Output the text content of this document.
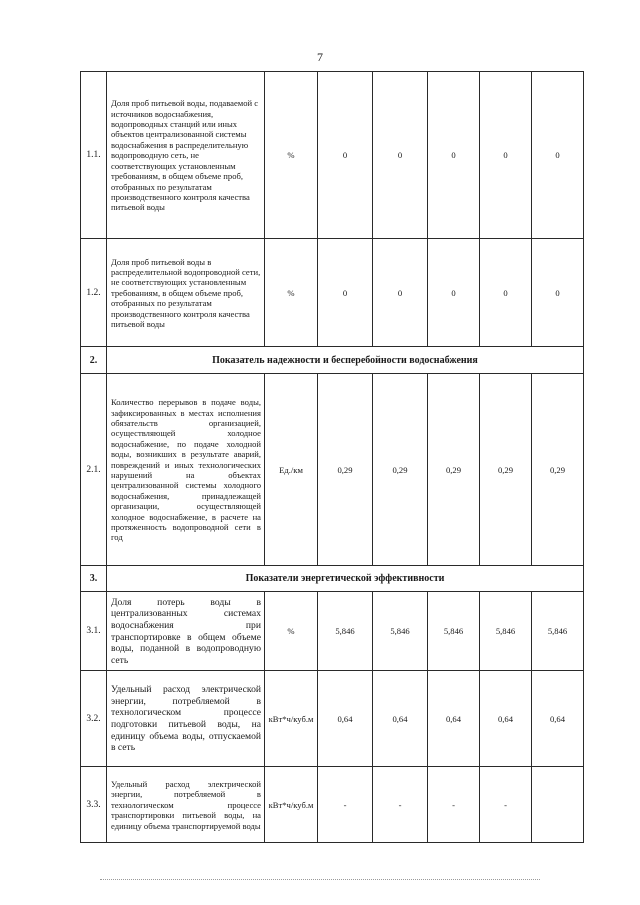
7
1.1.	Доля проб питьевой воды, подаваемой с источников водоснабжения, водопроводных станций или иных объектов централизованной системы водоснабжения в распределительную водопроводную сеть, не соответствующих установленным требованиям, в общем объеме проб, отобранных по результатам производственного контроля качества питьевой воды	%	0	0	0	0	0
1.2.	Доля проб питьевой воды в распределительной водопроводной сети, не соответствующих установленным требованиям, в общем объеме проб, отобранных по результатам производственного контроля качества питьевой воды	%	0	0	0	0	0
2.	Показатель надежности и бесперебойности водоснабжения						
2.1.	Количество перерывов в подаче воды, зафиксированных в местах исполнения обязательств организацией, осуществляющей холодное водоснабжение, по подаче холодной воды, возникших в результате аварий, повреждений и иных технологических нарушений на объектах централизованной системы холодного водоснабжения, принадлежащей организации, осуществляющей холодное водоснабжение, в расчете на протяженность водопроводной сети в год	Ед./км	0,29	0,29	0,29	0,29	0,29
3.	Показатели энергетической эффективности						
3.1.	Доля потерь воды в централизованных системах водоснабжения при транспортировке в общем объеме воды, поданной в водопроводную сеть	%	5,846	5,846	5,846	5,846	5,846
3.2.	Удельный расход электрической энергии, потребляемой в технологическом процессе подготовки питьевой воды, на единицу объема воды, отпускаемой в сеть	кВт*ч/куб.м	0,64	0,64	0,64	0,64	0,64
3.3.	Удельный расход электрической энергии, потребляемой в технологическом процессе транспортировки питьевой воды, на единицу объема транспортируемой воды	кВт*ч/куб.м	-	-	-	-	
